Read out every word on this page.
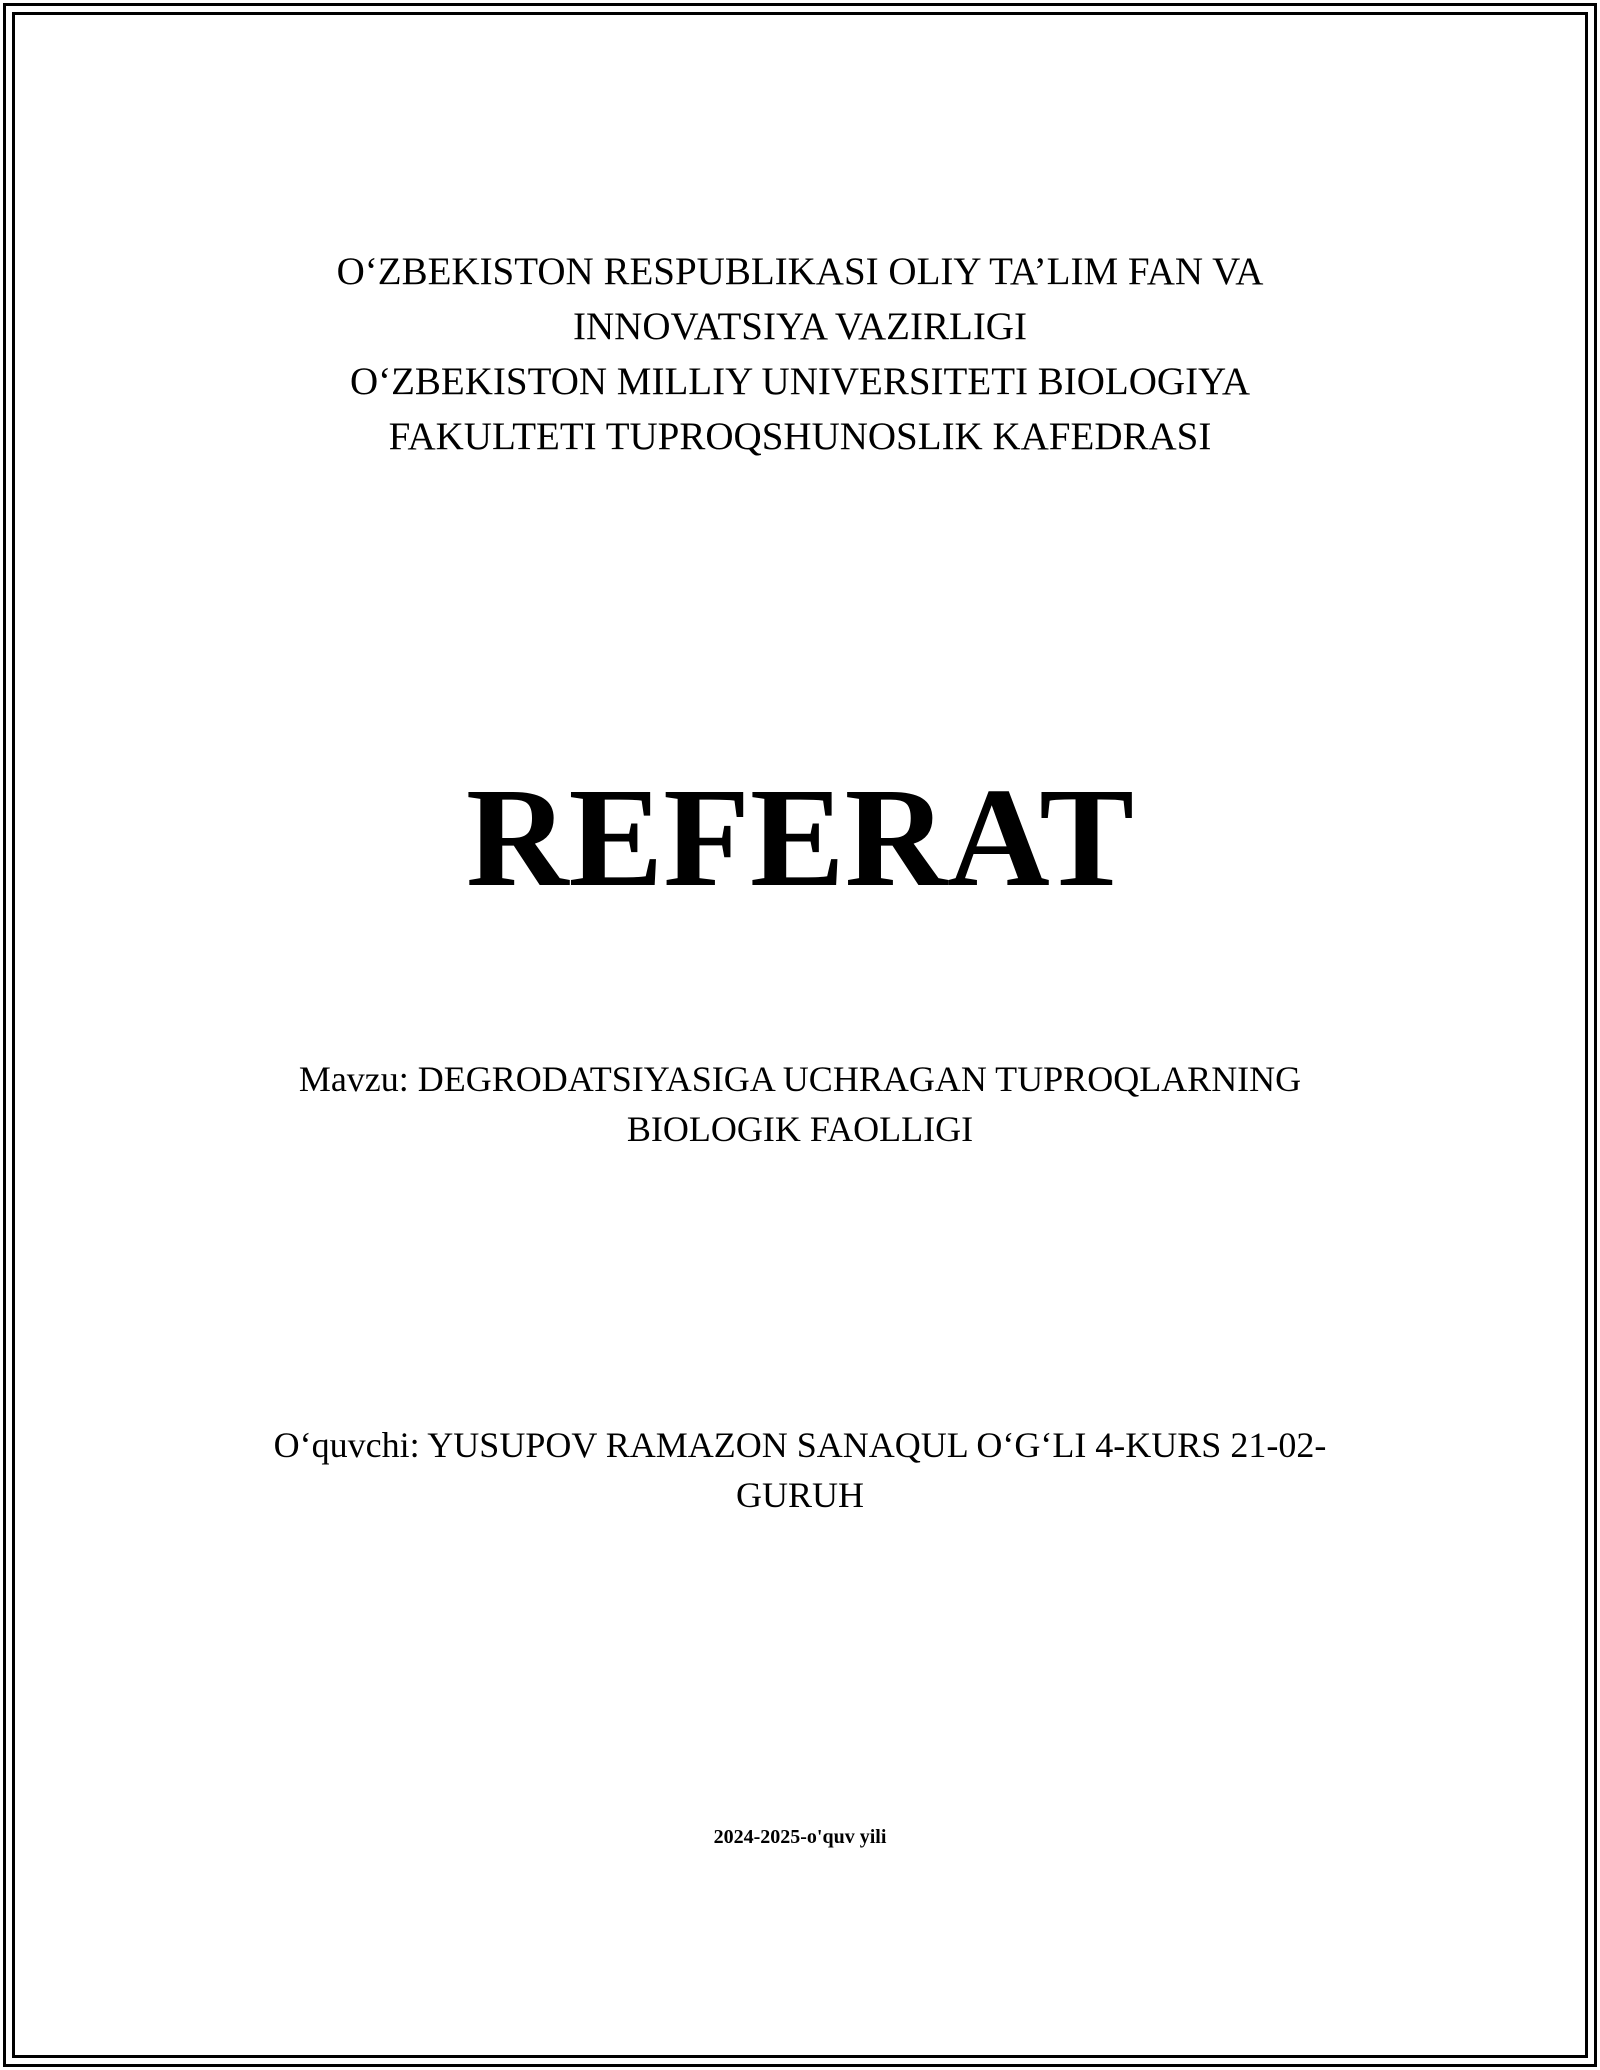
O‘ZBEKISTON RESPUBLIKASI OLIY TA’LIM FAN VA
INNOVATSIYA VAZIRLIGI
O‘ZBEKISTON MILLIY UNIVERSITETI BIOLOGIYA
FAKULTETI TUPROQSHUNOSLIK KAFEDRASI
REFERAT
Mavzu: DEGRODATSIYASIGA UCHRAGAN TUPROQLARNING
BIOLOGIK FAOLLIGI
O‘quvchi: YUSUPOV RAMAZON SANAQUL O‘G‘LI 4-KURS 21-02-
GURUH
2024-2025-o'quv yili
